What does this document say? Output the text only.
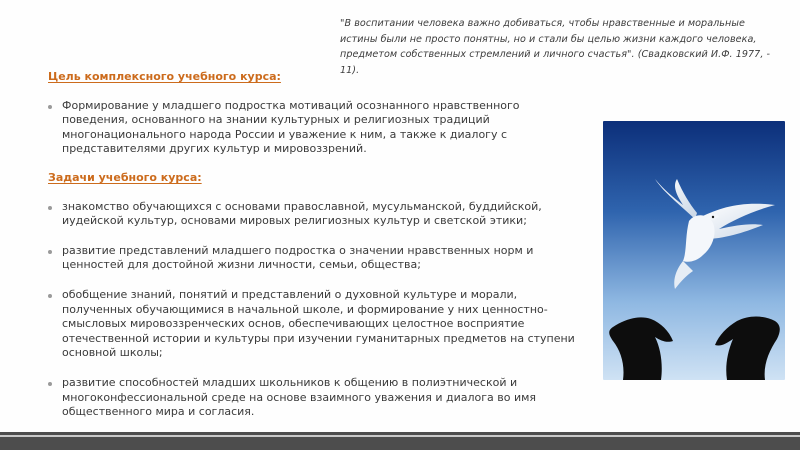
"В воспитании человека важно добиваться, чтобы нравственные и моральные истины были не просто понятны, но и стали бы целью жизни каждого человека, предметом собственных стремлений и личного счастья". (Свадковский И.Ф. 1977, - 11).
Цель комплексного учебного курса:
Формирование у младшего подростка мотиваций осознанного нравственного поведения, основанного на знании культурных и религиозных традиций многонационального народа России и уважение к ним, а также к диалогу с представителями других культур и мировоззрений.
Задачи учебного курса:
знакомство обучающихся с основами православной, мусульманской, буддийской, иудейской культур, основами мировых религиозных культур и светской этики;
развитие представлений младшего подростка о значении нравственных норм и ценностей для достойной жизни личности, семьи, общества;
обобщение знаний, понятий и представлений о духовной культуре и морали, полученных обучающимися в начальной школе, и формирование у них ценностно-смысловых мировоззренческих основ, обеспечивающих целостное восприятие отечественной истории и культуры при изучении гуманитарных предметов на ступени основной школы;
развитие способностей младших школьников к общению в полиэтнической и многоконфессиональной среде на основе взаимного уважения и диалога во имя общественного мира и согласия.
